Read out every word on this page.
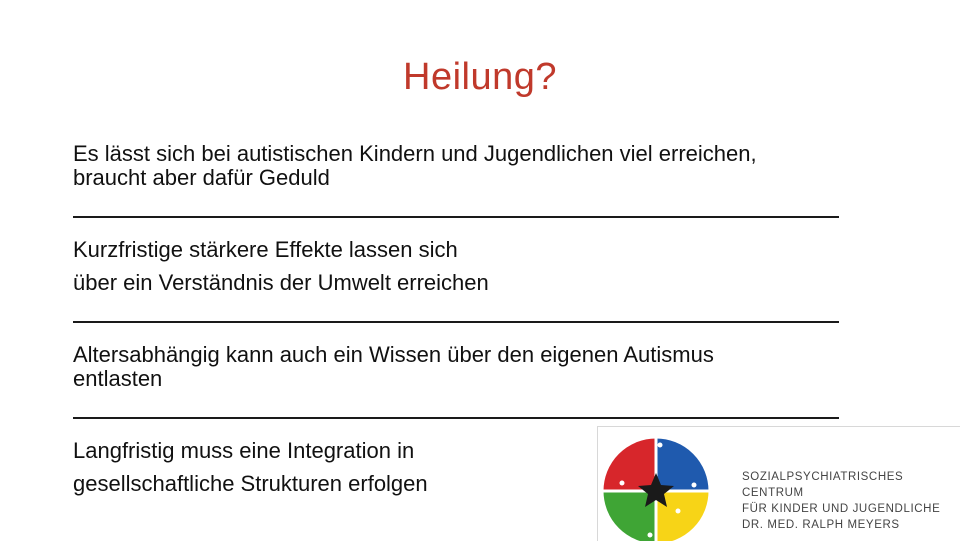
Heilung?
Es lässt sich bei autistischen Kindern und Jugendlichen viel erreichen,
braucht aber dafür Geduld
Kurzfristige stärkere Effekte lassen sich
über ein Verständnis der Umwelt erreichen
Altersabhängig kann auch ein Wissen über den eigenen Autismus
entlasten
Langfristig muss eine Integration in
gesellschaftliche Strukturen erfolgen	SOZIALPSYCHIATRISCHES CENTRUM
FÜR KINDER UND JUGENDLICHE
DR. MED. RALPH MEYERS
